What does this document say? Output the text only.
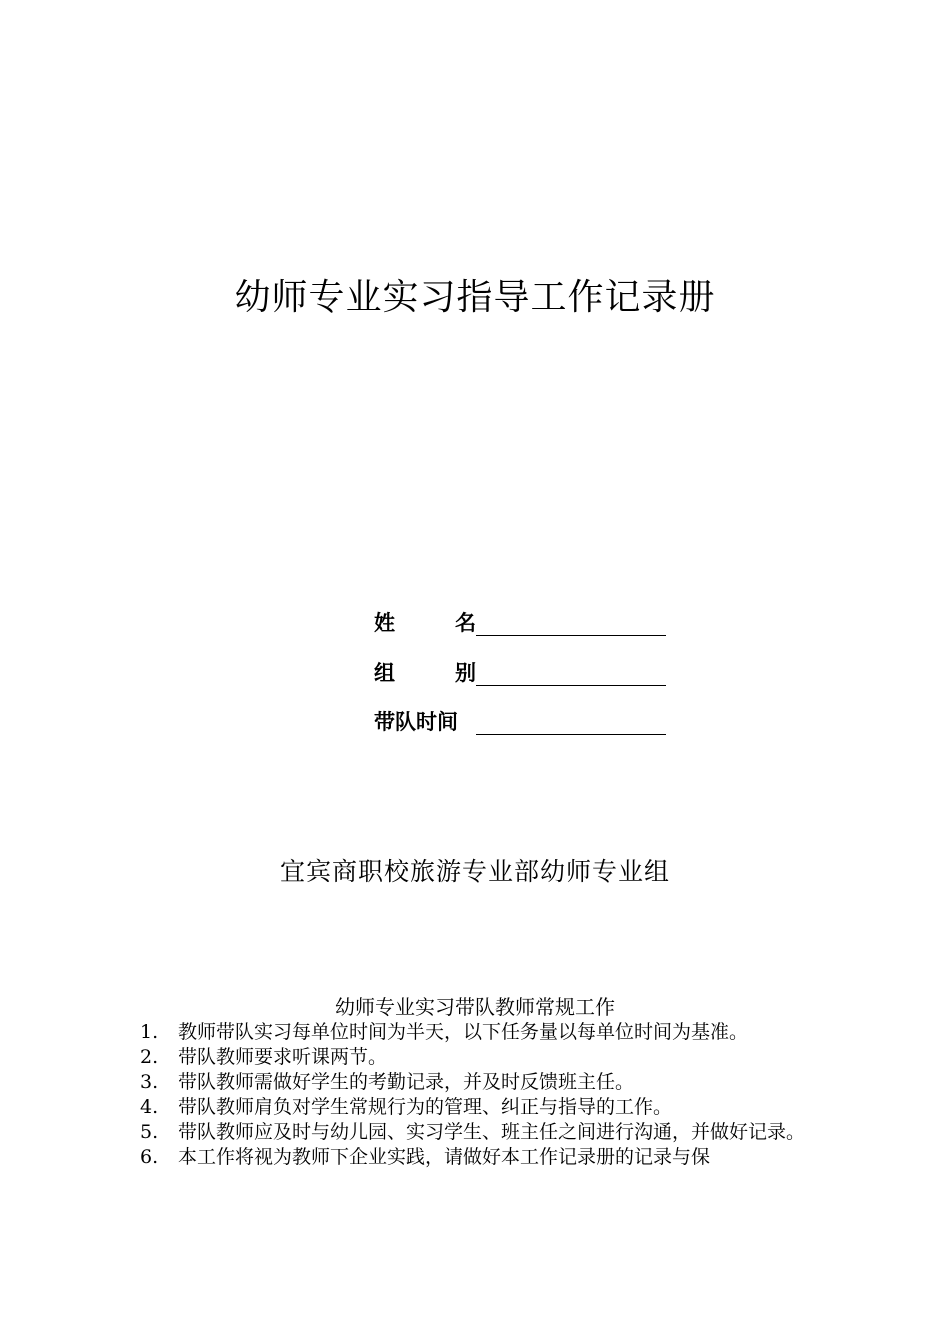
幼师专业实习指导工作记录册
姓	名
组	别
带队时间
宜宾商职校旅游专业部幼师专业组
幼师专业实习带队教师常规工作
1.	教师带队实习每单位时间为半天，以下任务量以每单位时间为基准。
2.	带队教师要求听课两节。
3.	带队教师需做好学生的考勤记录，并及时反馈班主任。
4.	带队教师肩负对学生常规行为的管理、纠正与指导的工作。
5.	带队教师应及时与幼儿园、实习学生、班主任之间进行沟通，并做好记录。
6.	本工作将视为教师下企业实践，请做好本工作记录册的记录与保
